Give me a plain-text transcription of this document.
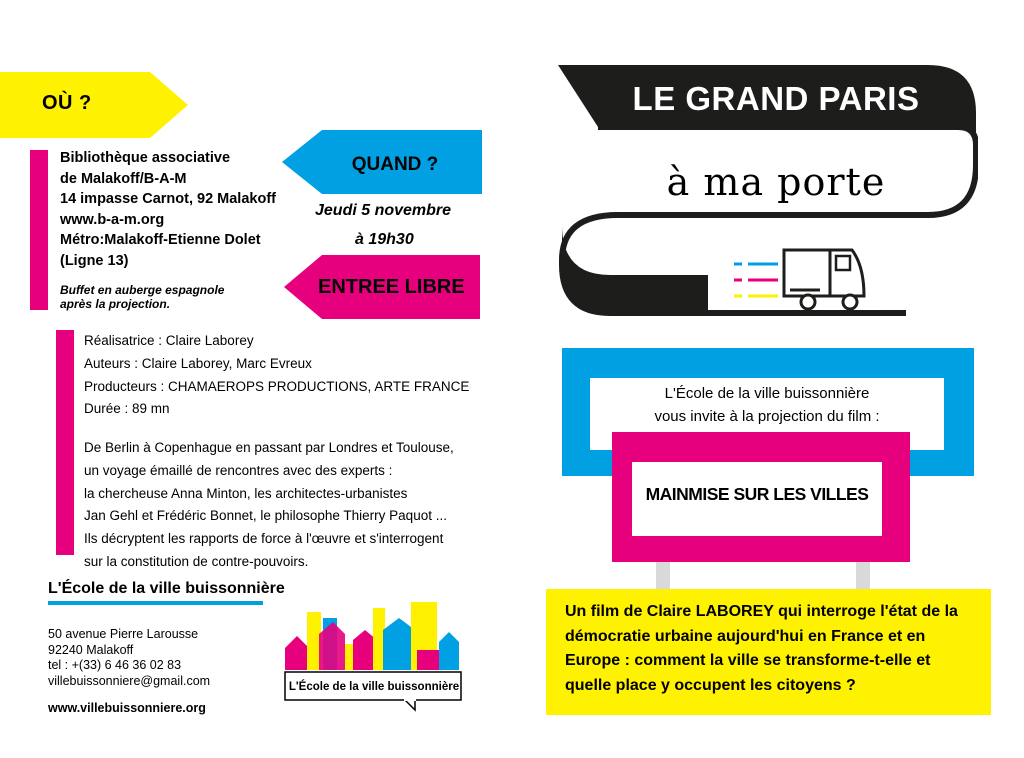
OÙ ?
Bibliothèque associative
de Malakoff/B-A-M
14 impasse Carnot, 92 Malakoff
www.b-a-m.org
Métro:Malakoff-Etienne Dolet
(Ligne 13)
Buffet en auberge espagnole
après la projection.
QUAND ?
Jeudi 5 novembre
à 19h30
ENTREE LIBRE
Réalisatrice : Claire Laborey
Auteurs : Claire Laborey, Marc Evreux
Producteurs : CHAMAEROPS PRODUCTIONS, ARTE FRANCE
Durée : 89 mn
De Berlin à Copenhague en passant par Londres et Toulouse,
un voyage émaillé de rencontres avec des experts :
la chercheuse Anna Minton, les architectes-urbanistes
Jan Gehl et Frédéric Bonnet, le philosophe Thierry Paquot ...
Ils décryptent les rapports de force à l'œuvre et s'interrogent
sur la constitution de contre-pouvoirs.
L'École de la ville buissonnière
50 avenue Pierre Larousse
92240 Malakoff
tel : +(33) 6 46 36 02 83
villebuissonniere@gmail.com
www.villebuissonniere.org
L'École de la ville buissonnière
LE GRAND PARIS
à ma porte
L'École de la ville buissonnière
vous invite à la projection du film :
MAINMISE SUR LES VILLES
Un film de Claire LABOREY qui interroge l'état de la démocratie urbaine aujourd'hui en France et en Europe : comment la ville se transforme-t-elle et quelle place y occupent les citoyens ?
